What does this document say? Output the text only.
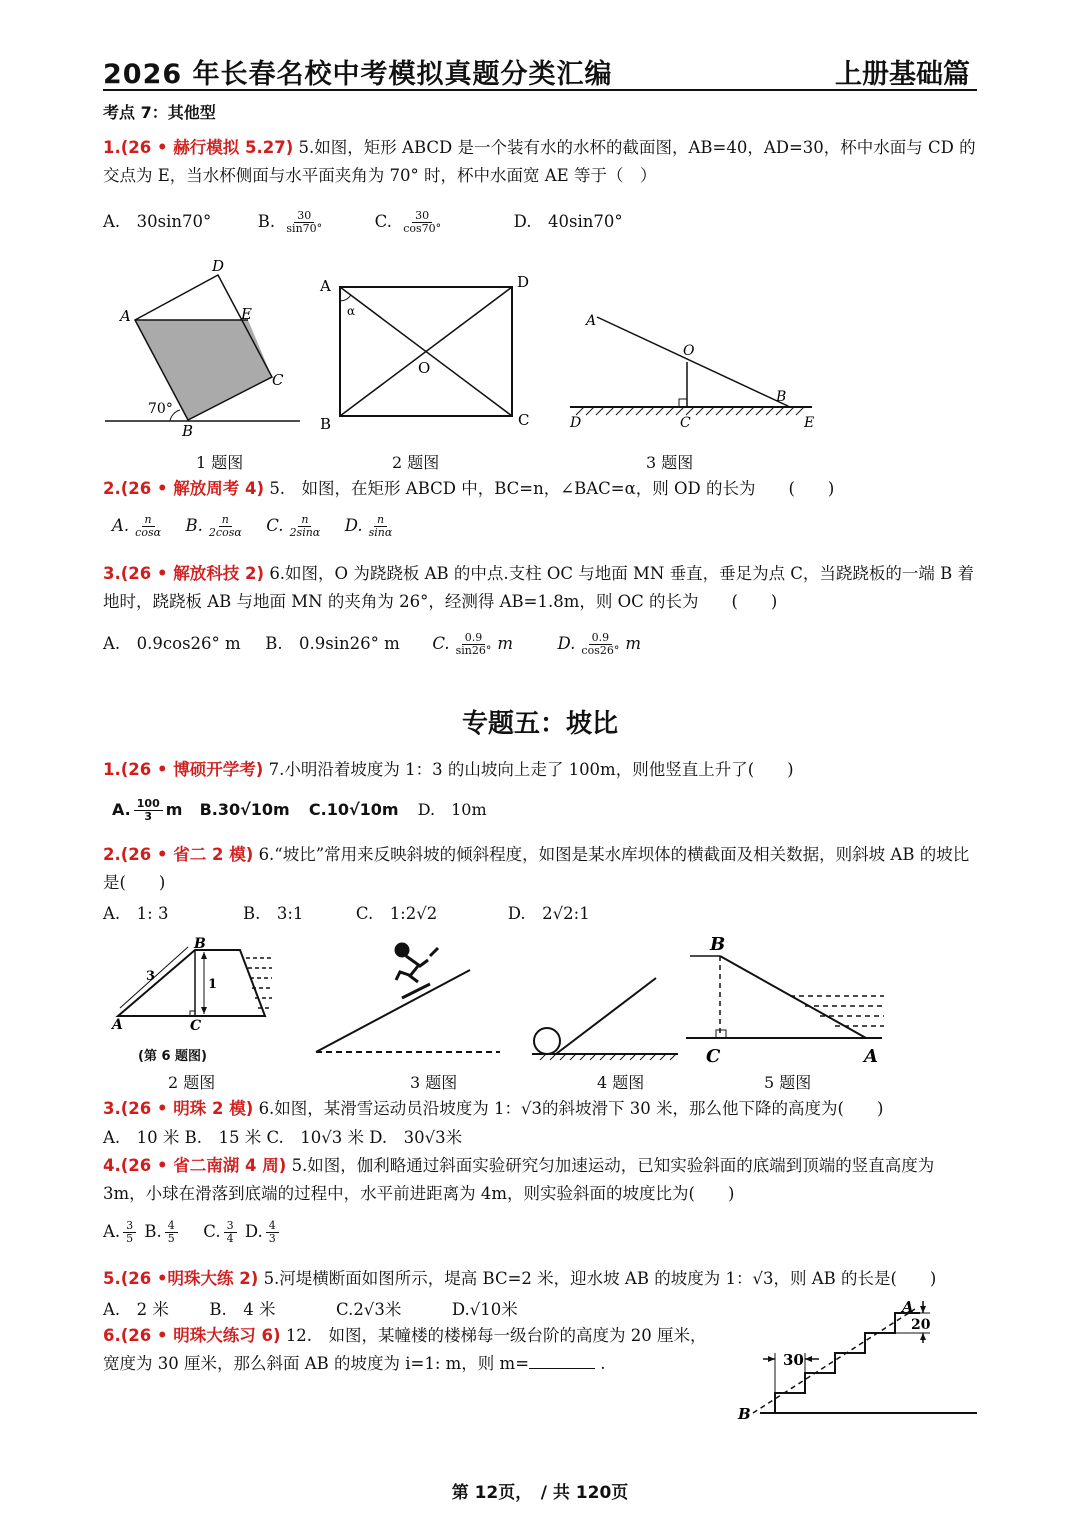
2026 年长春名校中考模拟真题分类汇编	上册基础篇
考点 7：其他型
1.(26 • 赫行模拟 5.27) 5.如图，矩形 ABCD 是一个装有水的水杯的截面图，AB=40，AD=30，杯中水面与 CD 的交点为 E，当水杯侧面与水平面夹角为 70° 时，杯中水面宽 AE 等于（　）
A.　30sin70°	B. $\frac{30}{\sin 70^\circ}$	C. $\frac{30}{\cos 70^\circ}$	D.　40sin70°
D
A	E
C
B
70°
A	D
B	C
O
α
A
O
B
D	C	E
1 题图	2 题图	3 题图
2.(26 • 解放周考 4) 5.　如图，在矩形 ABCD 中，BC=n，∠BAC=α，则 OD 的长为　　(　　)
A. $\frac{n}{\cos\alpha} B$. $\frac{n}{2\cos\alpha} C$. $\frac{n}{2\sin\alpha} D$. $\frac{n}{\sin\alpha}$
3.(26 • 解放科技 2) 6.如图，O 为跷跷板 AB 的中点.支柱 OC 与地面 MN 垂直，垂足为点 C，当跷跷板的一端 B 着地时，跷跷板 AB 与地面 MN 的夹角为 26°，经测得 AB=1.8m，则 OC 的长为　　(　　)
A.　0.9cos26° m B.　0.9sin26° m C. $\frac{0.9}{\sin 26^\circ}$ m	D. $\frac{0.9}{\cos 26^\circ}$ m
专题五：坡比
1.(26 • 博硕开学考) 7.小明沿着坡度为 1：3 的山坡向上走了 100m，则他竖直上升了(　　)
A. $\frac{100}{3}$ m B.30√10m C.10√10m D.　10m
2.(26 • 省二 2 模) 6.“坡比”常用来反映斜坡的倾斜程度，如图是某水库坝体的横截面及相关数据，则斜坡 AB 的坡比是(　　)
A.　1: 3	B.　3:1	C.　1:2√2	D.　2√2:1
A
B
C
3
1
B
C	A
(第 6 题图)
2 题图	3 题图	4 题图	5 题图
3.(26 • 明珠 2 模) 6.如图，某滑雪运动员沿坡度为 1：√3的斜坡滑下 30 米，那么他下降的高度为(　　)
A.　10 米 B.　15 米 C.　10√3 米 D.　30√3米
4.(26 • 省二南湖 4 周) 5.如图，伽利略通过斜面实验研究匀加速运动，已知实验斜面的底端到顶端的竖直高度为 3m，小球在滑落到底端的过程中，水平前进距离为 4m，则实验斜面的坡度比为(　　)
A. $\frac{3}{5} B$. $\frac{4}{5} C$. $\frac{3}{4} D$. $\frac{4}{3}$
5.(26 •明珠大练 2) 5.河堤横断面如图所示，堤高 BC=2 米，迎水坡 AB 的坡度为 1：√3，则 AB 的长是(　　)
A.　2 米 B.　4 米	C.2√3米	D.√10米
6.(26 • 明珠大练习 6) 12.　如图，某幢楼的楼梯每一级台阶的高度为 20 厘米，宽度为 30 厘米，那么斜面 AB 的坡度为 i=1: m，则 m=	.	30
20
A
B
第 12页，　/ 共 120页
